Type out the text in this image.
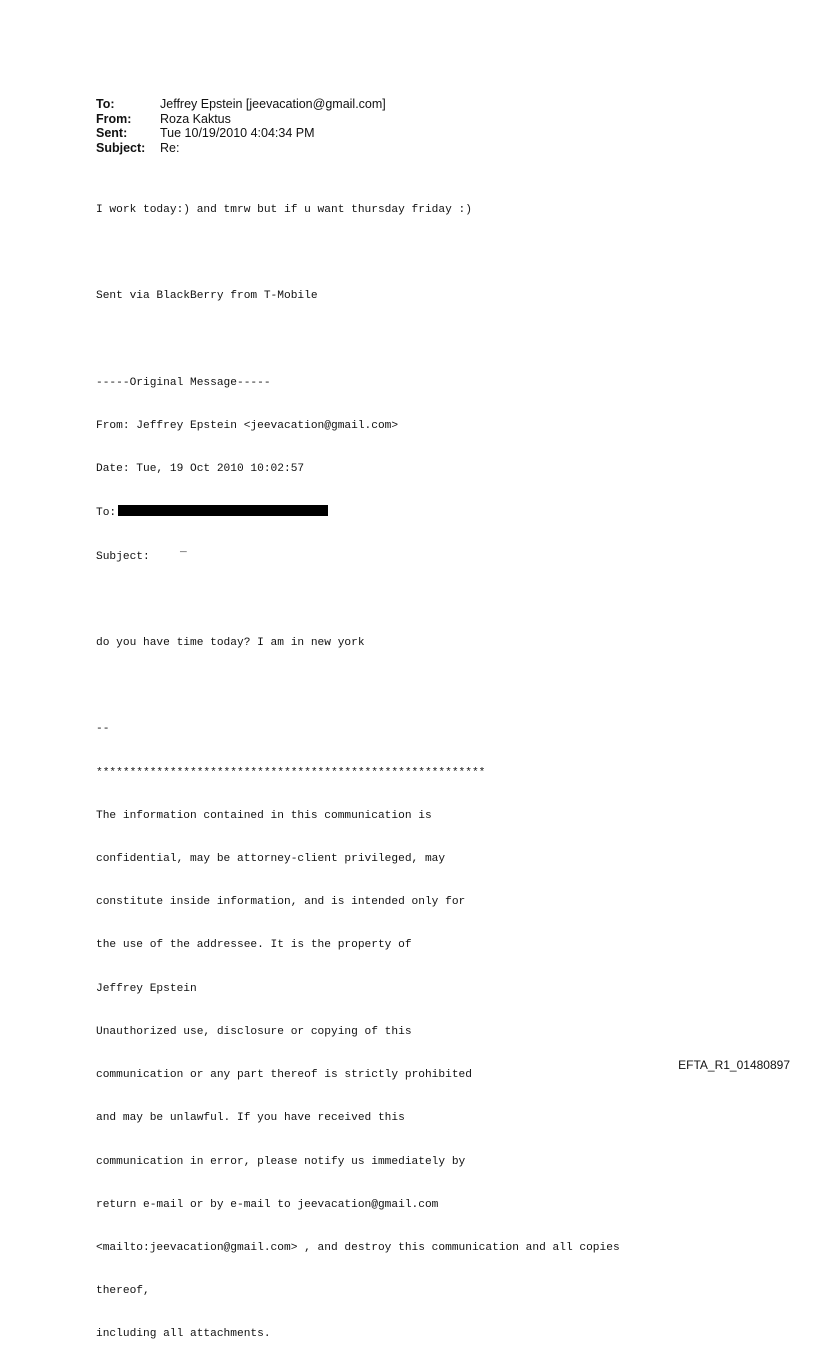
To:	Jeffrey Epstein [jeevacation@gmail.com]
From:	Roza Kaktus
Sent:	Tue 10/19/2010 4:04:34 PM
Subject:	Re:

I work today:) and tmrw but if u want thursday friday :)

Sent via BlackBerry from T-Mobile

-----Original Message-----

From: Jeffrey Epstein <jeevacation@gmail.com>

Date: Tue, 19 Oct 2010 10:02:57

To:

Subject:
_

do you have time today? I am in new york

--

**********************************************************

The information contained in this communication is

confidential, may be attorney-client privileged, may

constitute inside information, and is intended only for

the use of the addressee. It is the property of

Jeffrey Epstein

Unauthorized use, disclosure or copying of this

communication or any part thereof is strictly prohibited

and may be unlawful. If you have received this

communication in error, please notify us immediately by

return e-mail or by e-mail to jeevacation@gmail.com

<mailto:jeevacation@gmail.com> , and destroy this communication and all copies

thereof,

including all attachments.

EFTA_R1_01480897
